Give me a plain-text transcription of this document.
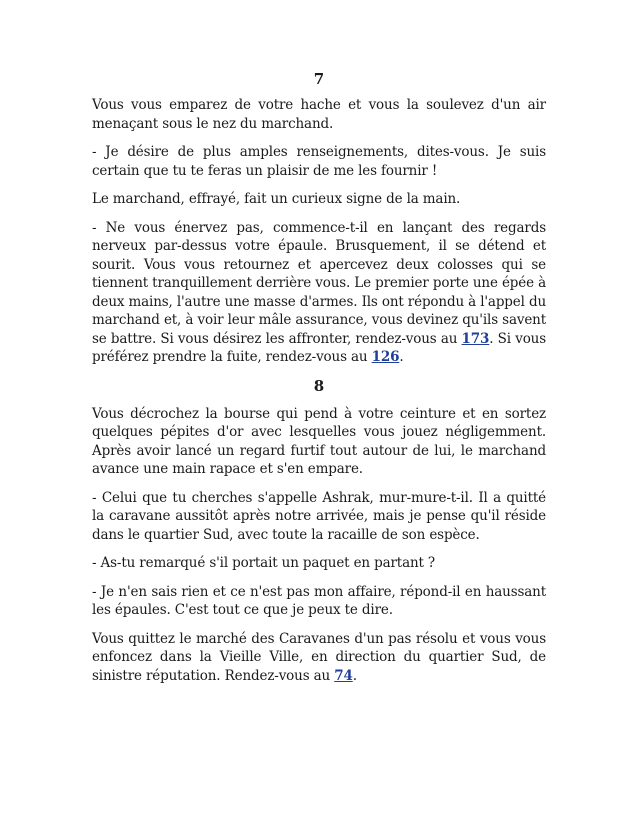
7

Vous vous emparez de votre hache et vous la soulevez d'un air menaçant sous le nez du marchand.

- Je désire de plus amples renseignements, dites-vous. Je suis certain que tu te feras un plaisir de me les fournir !

Le marchand, effrayé, fait un curieux signe de la main.

- Ne vous énervez pas, commence-t-il en lançant des regards nerveux par-dessus votre épaule. Brusquement, il se détend et sourit. Vous vous retournez et apercevez deux colosses qui se tiennent tranquillement derrière vous. Le premier porte une épée à deux mains, l'autre une masse d'armes. Ils ont répondu à l'appel du marchand et, à voir leur mâle assurance, vous devinez qu'ils savent se battre. Si vous désirez les affronter, rendez-vous au 173. Si vous préférez prendre la fuite, rendez-vous au 126.

8

Vous décrochez la bourse qui pend à votre ceinture et en sortez quelques pépites d'or avec lesquelles vous jouez négligemment. Après avoir lancé un regard furtif tout autour de lui, le marchand avance une main rapace et s'en empare.

- Celui que tu cherches s'appelle Ashrak, mur-mure-t-il. Il a quitté la caravane aussitôt après notre arrivée, mais je pense qu'il réside dans le quartier Sud, avec toute la racaille de son espèce.

- As-tu remarqué s'il portait un paquet en partant ?

- Je n'en sais rien et ce n'est pas mon affaire, répond-il en haussant les épaules. C'est tout ce que je peux te dire.

Vous quittez le marché des Caravanes d'un pas résolu et vous vous enfoncez dans la Vieille Ville, en direction du quartier Sud, de sinistre réputation. Rendez-vous au 74.
